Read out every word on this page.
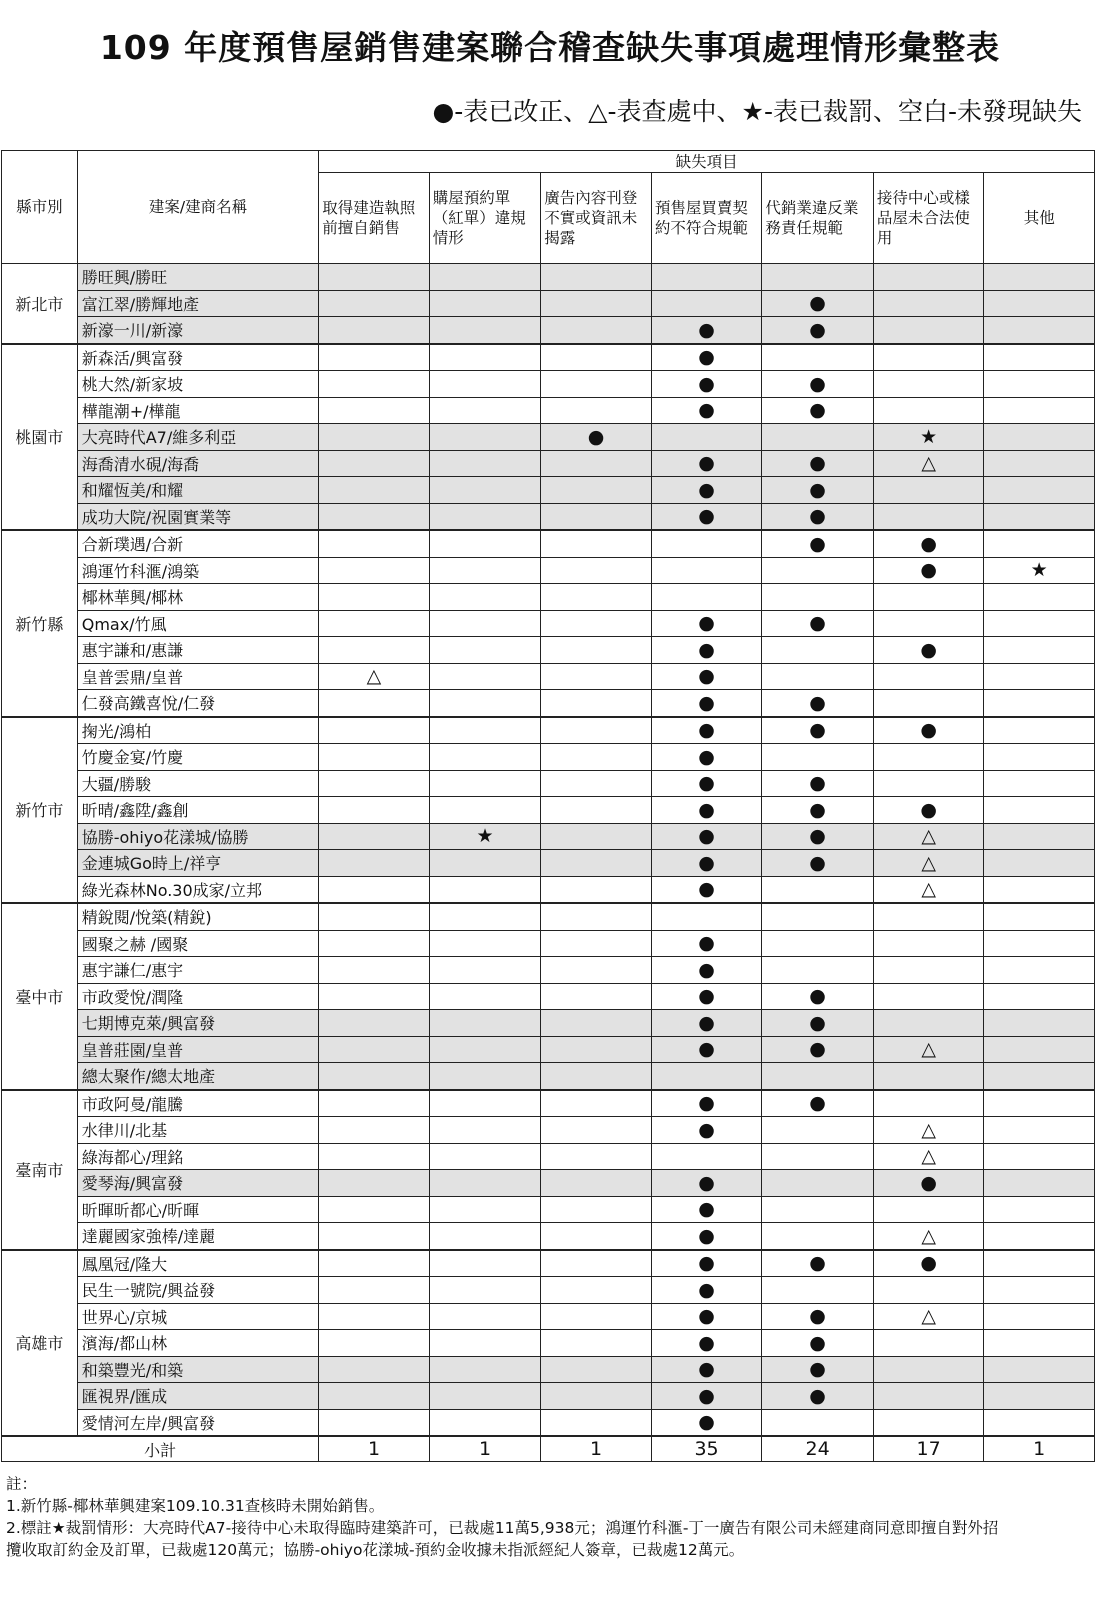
109 年度預售屋銷售建案聯合稽查缺失事項處理情形彙整表
●-表已改正、△-表查處中、★-表已裁罰、空白-未發現缺失
縣市別	建案/建商名稱	缺失項目						
		取得建造執照前擅自銷售	購屋預約單（紅單）違規情形	廣告內容刊登不實或資訊未揭露	預售屋買賣契約不符合規範	代銷業違反業務責任規範	接待中心或樣品屋未合法使用	其他
新北市	勝旺興/勝旺							
	富江翠/勝輝地產					●		
	新濠一川/新濠				●	●		
桃園市	新森活/興富發				●			
	桃大然/新家坡				●	●		
	樺龍潮+/樺龍				●	●		
	大亮時代A7/維多利亞			●			★	
	海喬清水硯/海喬				●	●	△	
	和耀恆美/和耀				●	●		
	成功大院/祝園實業等				●	●		
新竹縣	合新璞遇/合新					●	●	
	鴻運竹科滙/鴻築						●	★
	椰林華興/椰林							
	Qmax/竹風				●	●		
	惠宇謙和/惠謙				●		●	
	皇普雲鼎/皇普	△			●			
	仁發高鐵喜悅/仁發				●	●		
新竹市	掬光/鴻柏				●	●	●	
	竹慶金宴/竹慶				●			
	大疆/勝駿				●	●		
	昕晴/鑫陞/鑫創				●	●	●	
	協勝-ohiyo花漾城/協勝		★		●	●	△	
	金連城Go時上/祥亨				●	●	△	
	綠光森林No.30成家/立邦				●		△	
臺中市	精銳閱/悅築(精銳)							
	國聚之赫 /國聚				●			
	惠宇謙仁/惠宇				●			
	市政愛悅/潤隆				●	●		
	七期博克萊/興富發				●	●		
	皇普莊園/皇普				●	●	△	
	總太聚作/總太地產							
臺南市	市政阿曼/龍騰				●	●		
	水律川/北基				●		△	
	綠海都心/理銘						△	
	愛琴海/興富發				●		●	
	昕暉昕都心/昕暉				●			
	達麗國家強棒/達麗				●		△	
高雄市	鳳凰冠/隆大				●	●	●	
	民生一號院/興益發				●			
	世界心/京城				●	●	△	
	濱海/都山林				●	●		
	和築豐光/和築				●	●		
	匯視界/匯成				●	●		
	愛情河左岸/興富發				●			
小計		1	1	1	35	24	17	1
註：
1.新竹縣-椰林華興建案109.10.31查核時未開始銷售。
2.標註★裁罰情形：大亮時代A7-接待中心未取得臨時建築許可，已裁處11萬5,938元；鴻運竹科滙-丁一廣告有限公司未經建商同意即擅自對外招
攬收取訂約金及訂單，已裁處120萬元；協勝-ohiyo花漾城-預約金收據未指派經紀人簽章，已裁處12萬元。
